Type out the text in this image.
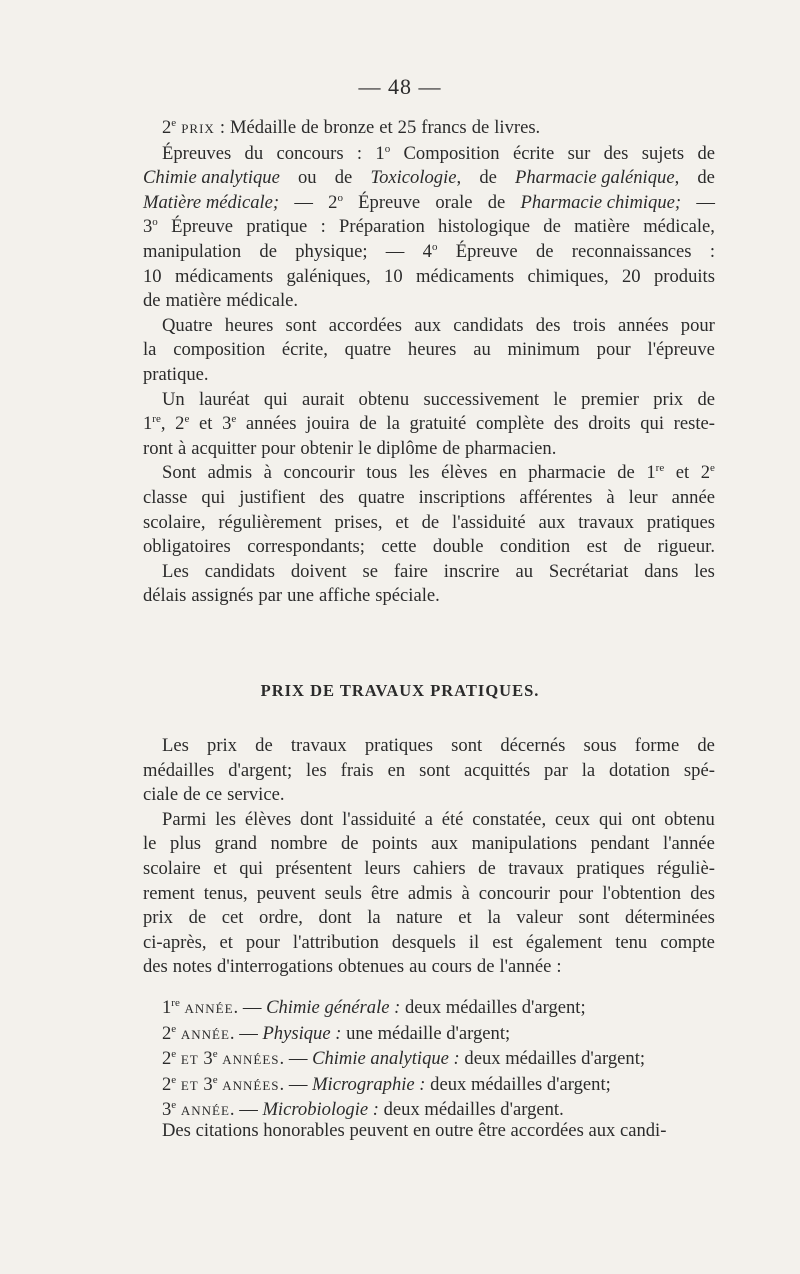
— 48 —
2e PRIX : Médaille de bronze et 25 francs de livres.
Épreuves du concours : 1$^o$ Composition écrite sur des sujets de
Chimie analytique ou de Toxicologie, de Pharmacie galénique, de
Matière médicale; — 2$^o$ Épreuve orale de Pharmacie chimique; —
3$^o$ Épreuve pratique : Préparation histologique de matière médicale,
manipulation de physique; — 4$^o$ Épreuve de reconnaissances :
10 médicaments galéniques, 10 médicaments chimiques, 20 produits
de matière médicale.
Quatre heures sont accordées aux candidats des trois années pour
la composition écrite, quatre heures au minimum pour l'épreuve
pratique.
Un lauréat qui aurait obtenu successivement le premier prix de
1re, 2e et 3e années jouira de la gratuité complète des droits qui reste-
ront à acquitter pour obtenir le diplôme de pharmacien.
Sont admis à concourir tous les élèves en pharmacie de 1re et 2e
classe qui justifient des quatre inscriptions afférentes à leur année
scolaire, régulièrement prises, et de l'assiduité aux travaux pratiques
obligatoires correspondants; cette double condition est de rigueur.
Les candidats doivent se faire inscrire au Secrétariat dans les
délais assignés par une affiche spéciale.
PRIX DE TRAVAUX PRATIQUES.
Les prix de travaux pratiques sont décernés sous forme de
médailles d'argent; les frais en sont acquittés par la dotation spé-
ciale de ce service.
Parmi les élèves dont l'assiduité a été constatée, ceux qui ont obtenu
le plus grand nombre de points aux manipulations pendant l'année
scolaire et qui présentent leurs cahiers de travaux pratiques réguliè-
rement tenus, peuvent seuls être admis à concourir pour l'obtention des
prix de cet ordre, dont la nature et la valeur sont déterminées
ci-après, et pour l'attribution desquels il est également tenu compte
des notes d'interrogations obtenues au cours de l'année :
1re ANNÉE. — Chimie générale : deux médailles d'argent;
2e ANNÉE. — Physique : une médaille d'argent;
2e ET 3e ANNÉES. — Chimie analytique : deux médailles d'argent;
2e ET 3e ANNÉES. — Micrographie : deux médailles d'argent;
3e ANNÉE. — Microbiologie : deux médailles d'argent.
Des citations honorables peuvent en outre être accordées aux candi-
